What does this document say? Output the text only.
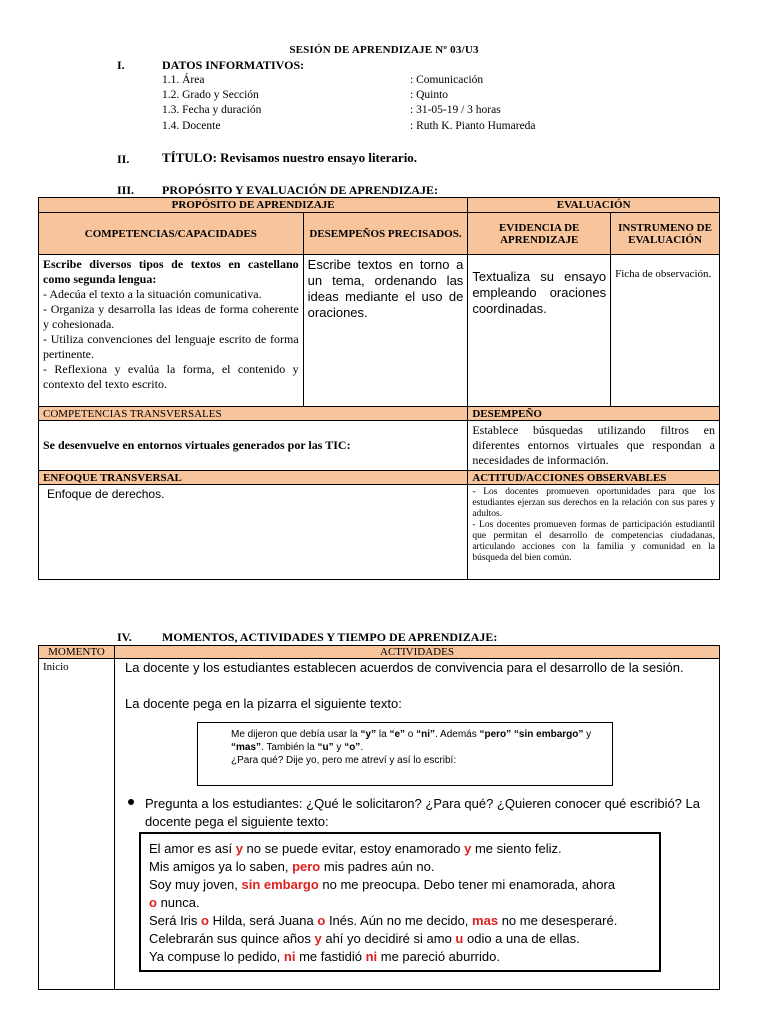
SESIÓN DE APRENDIZAJE Nº 03/U3
I.	DATOS INFORMATIVOS:
1.1. Área	: Comunicación
1.2. Grado y Sección	: Quinto
1.3. Fecha y duración	: 31-05-19 / 3 horas
1.4. Docente	: Ruth K. Pianto Humareda
II.	TÍTULO: Revisamos nuestro ensayo literario.
III. PROPÓSITO Y EVALUACIÓN DE APRENDIZAJE:
PROPÓSITO DE APRENDIZAJE		EVALUACIÓN	
COMPETENCIAS/CAPACIDADES	DESEMPEÑOS PRECISADOS.	EVIDENCIA DE APRENDIZAJE	INSTRUMENO DE EVALUACIÓN

Escribe diversos tipos de textos en castellano como segunda lengua:
- Adecúa el texto a la situación comunicativa.
- Organiza y desarrolla las ideas de forma coherente y cohesionada.
- Utiliza convenciones del lenguaje escrito de forma pertinente.
- Reflexiona y evalúa la forma, el contenido y contexto del texto escrito.	Escribe textos en torno a un tema, ordenando las ideas mediante el uso de oraciones.	Textualiza su ensayo empleando oraciones coordinadas.	Ficha de observación.
COMPETENCIAS TRANSVERSALES		DESEMPEÑO	
Se desenvuelve en entornos virtuales generados por las TIC:		Establece búsquedas utilizando filtros en diferentes entornos virtuales que respondan a necesidades de información.	
ENFOQUE TRANSVERSAL		ACTITUD/ACCIONES OBSERVABLES	
Enfoque de derechos.		- Los docentes promueven oportunidades para que los estudiantes ejerzan sus derechos en la relación con sus pares y adultos.
- Los docentes promueven formas de participación estudiantil que permitan el desarrollo de competencias ciudadanas, articulando acciones con la familia y comunidad en la búsqueda del bien común.	
IV.	MOMENTOS, ACTIVIDADES Y TIEMPO DE APRENDIZAJE:
MOMENTO	ACTIVIDADES
Inicio		La docente y los estudiantes establecen acuerdos de convivencia para el desarrollo de la sesión.
La docente pega en la pizarra el siguiente texto:
Me dijeron que debía usar la “y” la “e” o “ni”. Además “pero” “sin embargo” y “mas”. También la “u” y “o”.
¿Para qué? Dije yo, pero me atreví y así lo escribí:
Pregunta a los estudiantes: ¿Qué le solicitaron? ¿Para qué? ¿Quieren conocer qué escribió? La docente pega el siguiente texto:
El amor es así y no se puede evitar, estoy enamorado y me siento feliz.
Mis amigos ya lo saben, pero mis padres aún no.
Soy muy joven, sin embargo no me preocupa. Debo tener mi enamorada, ahora
o nunca.
Será Iris o Hilda, será Juana o Inés. Aún no me decido, mas no me desesperaré.
Celebrarán sus quince años y ahí yo decidiré si amo u odio a una de ellas.
Ya compuse lo pedido, ni me fastidió ni me pareció aburrido.
